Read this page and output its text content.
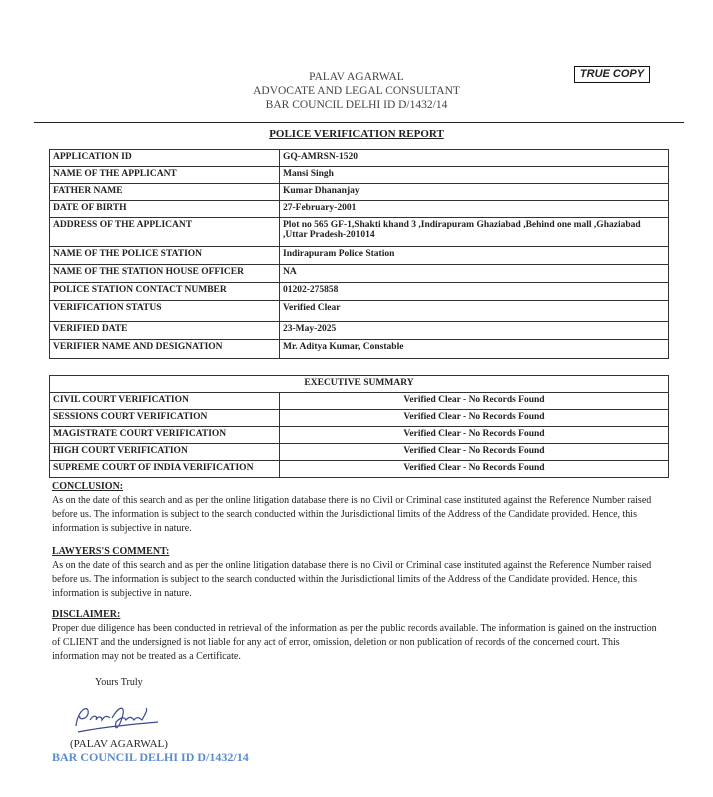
PALAV AGARWAL
ADVOCATE AND LEGAL CONSULTANT
BAR COUNCIL DELHI ID D/1432/14
TRUE COPY
POLICE VERIFICATION REPORT
APPLICATION ID	GQ-AMRSN-1520
NAME OF THE APPLICANT	Mansi Singh
FATHER NAME	Kumar Dhananjay
DATE OF BIRTH	27-February-2001
ADDRESS OF THE APPLICANT	Plot no 565 GF-1,Shakti khand 3 ,Indirapuram Ghaziabad ,Behind one mall ,Ghaziabad ,Uttar Pradesh-201014
NAME OF THE POLICE STATION	Indirapuram Police Station
NAME OF THE STATION HOUSE OFFICER	NA
POLICE STATION CONTACT NUMBER	01202-275858
VERIFICATION STATUS	Verified Clear
VERIFIED DATE	23-May-2025
VERIFIER NAME AND DESIGNATION	Mr. Aditya Kumar, Constable
EXECUTIVE SUMMARY	
CIVIL COURT VERIFICATION	Verified Clear - No Records Found
SESSIONS COURT VERIFICATION	Verified Clear - No Records Found
MAGISTRATE COURT VERIFICATION	Verified Clear - No Records Found
HIGH COURT VERIFICATION	Verified Clear - No Records Found
SUPREME COURT OF INDIA VERIFICATION	Verified Clear - No Records Found
CONCLUSION:
As on the date of this search and as per the online litigation database there is no Civil or Criminal case instituted against the Reference Number raised before us. The information is subject to the search conducted within the Jurisdictional limits of the Address of the Candidate provided. Hence, this information is subjective in nature.
LAWYERS'S COMMENT:
As on the date of this search and as per the online litigation database there is no Civil or Criminal case instituted against the Reference Number raised before us. The information is subject to the search conducted within the Jurisdictional limits of the Address of the Candidate provided. Hence, this information is subjective in nature.
DISCLAIMER:
Proper due diligence has been conducted in retrieval of the information as per the public records available. The information is gained on the instruction of CLIENT and the undersigned is not liable for any act of error, omission, deletion or non publication of records of the concerned court. This information may not be treated as a Certificate.
Yours Truly
(PALAV AGARWAL)
BAR COUNCIL DELHI ID D/1432/14
